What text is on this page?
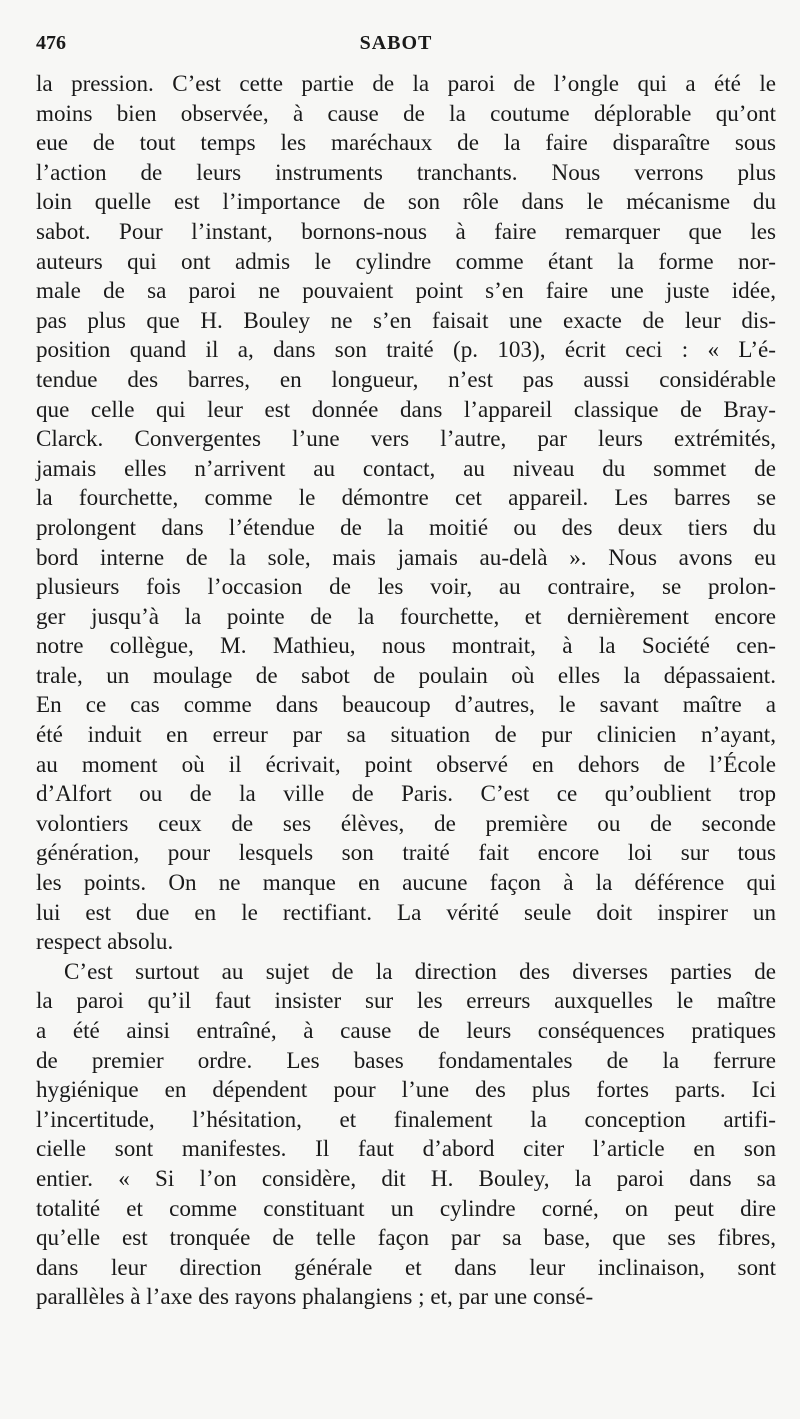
476	SABOT
la pression. C’est cette partie de la paroi de l’ongle qui a été le
moins bien observée, à cause de la coutume déplorable qu’ont
eue de tout temps les maréchaux de la faire disparaître sous
l’action de leurs instruments tranchants. Nous verrons plus
loin quelle est l’importance de son rôle dans le mécanisme du
sabot. Pour l’instant, bornons-nous à faire remarquer que les
auteurs qui ont admis le cylindre comme étant la forme nor-
male de sa paroi ne pouvaient point s’en faire une juste idée,
pas plus que H. Bouley ne s’en faisait une exacte de leur dis-
position quand il a, dans son traité (p. 103), écrit ceci : « L’é-
tendue des barres, en longueur, n’est pas aussi considérable
que celle qui leur est donnée dans l’appareil classique de Bray-
Clarck. Convergentes l’une vers l’autre, par leurs extrémités,
jamais elles n’arrivent au contact, au niveau du sommet de
la fourchette, comme le démontre cet appareil. Les barres se
prolongent dans l’étendue de la moitié ou des deux tiers du
bord interne de la sole, mais jamais au-delà ». Nous avons eu
plusieurs fois l’occasion de les voir, au contraire, se prolon-
ger jusqu’à la pointe de la fourchette, et dernièrement encore
notre collègue, M. Mathieu, nous montrait, à la Société cen-
trale, un moulage de sabot de poulain où elles la dépassaient.
En ce cas comme dans beaucoup d’autres, le savant maître a
été induit en erreur par sa situation de pur clinicien n’ayant,
au moment où il écrivait, point observé en dehors de l’École
d’Alfort ou de la ville de Paris. C’est ce qu’oublient trop
volontiers ceux de ses élèves, de première ou de seconde
génération, pour lesquels son traité fait encore loi sur tous
les points. On ne manque en aucune façon à la déférence qui
lui est due en le rectifiant. La vérité seule doit inspirer un
respect absolu.
C’est surtout au sujet de la direction des diverses parties de
la paroi qu’il faut insister sur les erreurs auxquelles le maître
a été ainsi entraîné, à cause de leurs conséquences pratiques
de premier ordre. Les bases fondamentales de la ferrure
hygiénique en dépendent pour l’une des plus fortes parts. Ici
l’incertitude, l’hésitation, et finalement la conception artifi-
cielle sont manifestes. Il faut d’abord citer l’article en son
entier. « Si l’on considère, dit H. Bouley, la paroi dans sa
totalité et comme constituant un cylindre corné, on peut dire
qu’elle est tronquée de telle façon par sa base, que ses fibres,
dans leur direction générale et dans leur inclinaison, sont
parallèles à l’axe des rayons phalangiens ; et, par une consé-
